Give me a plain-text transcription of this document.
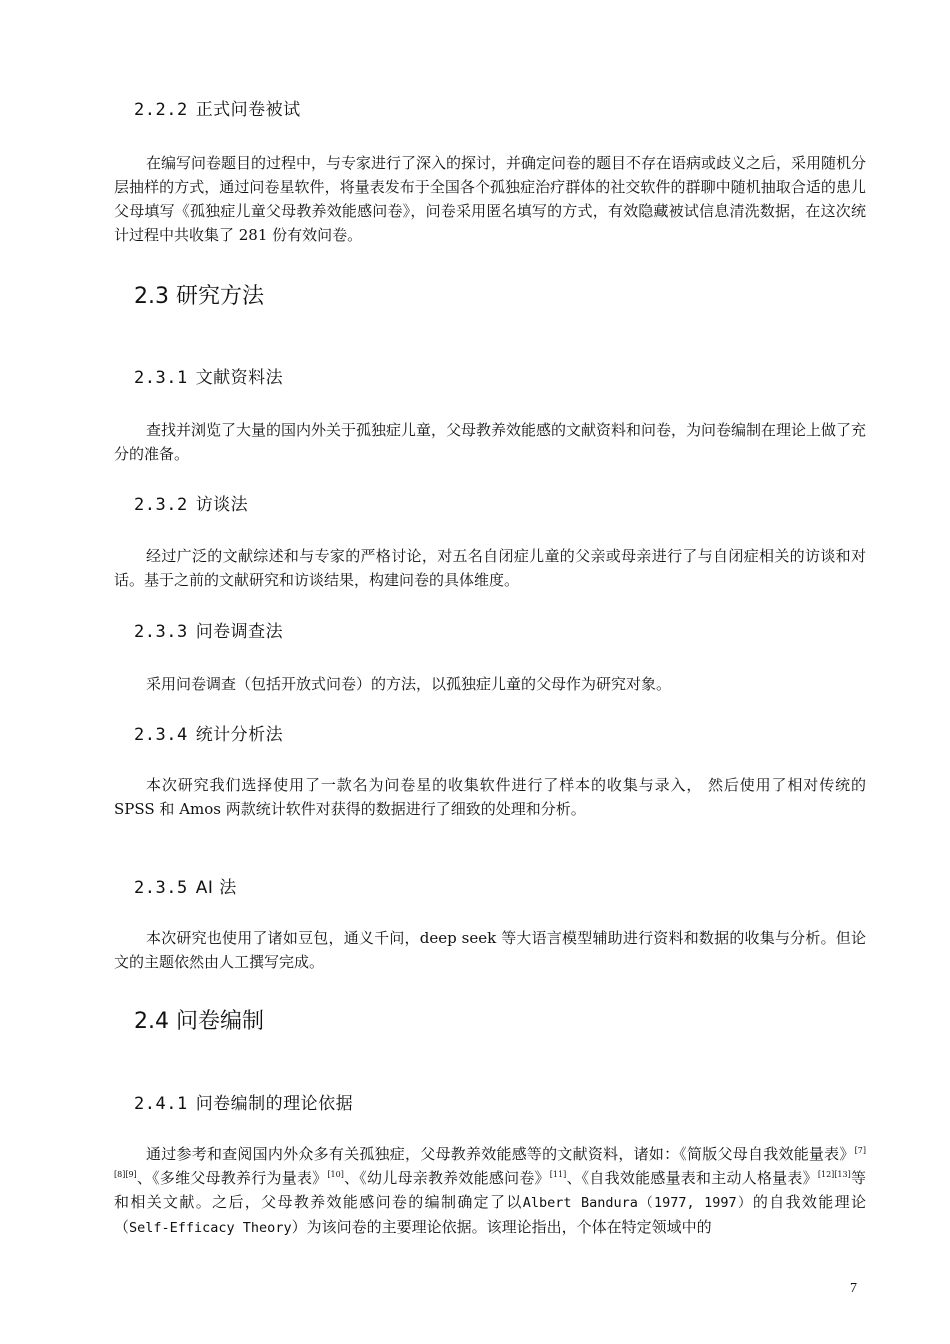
2.2.2 正式问卷被试

在编写问卷题目的过程中，与专家进行了深入的探讨，并确定问卷的题目不存在语病或歧义之后，采用随机分层抽样的方式，通过问卷星软件，将量表发布于全国各个孤独症治疗群体的社交软件的群聊中随机抽取合适的患儿父母填写《孤独症儿童父母教养效能感问卷》，问卷采用匿名填写的方式，有效隐藏被试信息清洗数据，在这次统计过程中共收集了 281 份有效问卷。

2.3 研究方法
2.3.1 文献资料法

查找并浏览了大量的国内外关于孤独症儿童，父母教养效能感的文献资料和问卷，为问卷编制在理论上做了充分的准备。

2.3.2 访谈法

经过广泛的文献综述和与专家的严格讨论，对五名自闭症儿童的父亲或母亲进行了与自闭症相关的访谈和对话。基于之前的文献研究和访谈结果，构建问卷的具体维度。

2.3.3 问卷调查法

采用问卷调查（包括开放式问卷）的方法，以孤独症儿童的父母作为研究对象。

2.3.4 统计分析法

本次研究我们选择使用了一款名为问卷星的收集软件进行了样本的收集与录入， 然后使用了相对传统的 SPSS 和 Amos 两款统计软件对获得的数据进行了细致的处理和分析。

2.3.5 AI 法

本次研究也使用了诸如豆包，通义千问，deep seek 等大语言模型辅助进行资料和数据的收集与分析。但论文的主题依然由人工撰写完成。

2.4 问卷编制
2.4.1 问卷编制的理论依据

通过参考和查阅国内外众多有关孤独症，父母教养效能感等的文献资料，诸如：《简版父母自我效能量表》[7][8][9]、《多维父母教养行为量表》[10]、《幼儿母亲教养效能感问卷》[11]、《自我效能感量表和主动人格量表》[12][13]等和相关文献。之后，父母教养效能感问卷的编制确定了以Albert Bandura（1977, 1997）的自我效能理论（Self-Efficacy Theory）为该问卷的主要理论依据。该理论指出，个体在特定领域中的

7
